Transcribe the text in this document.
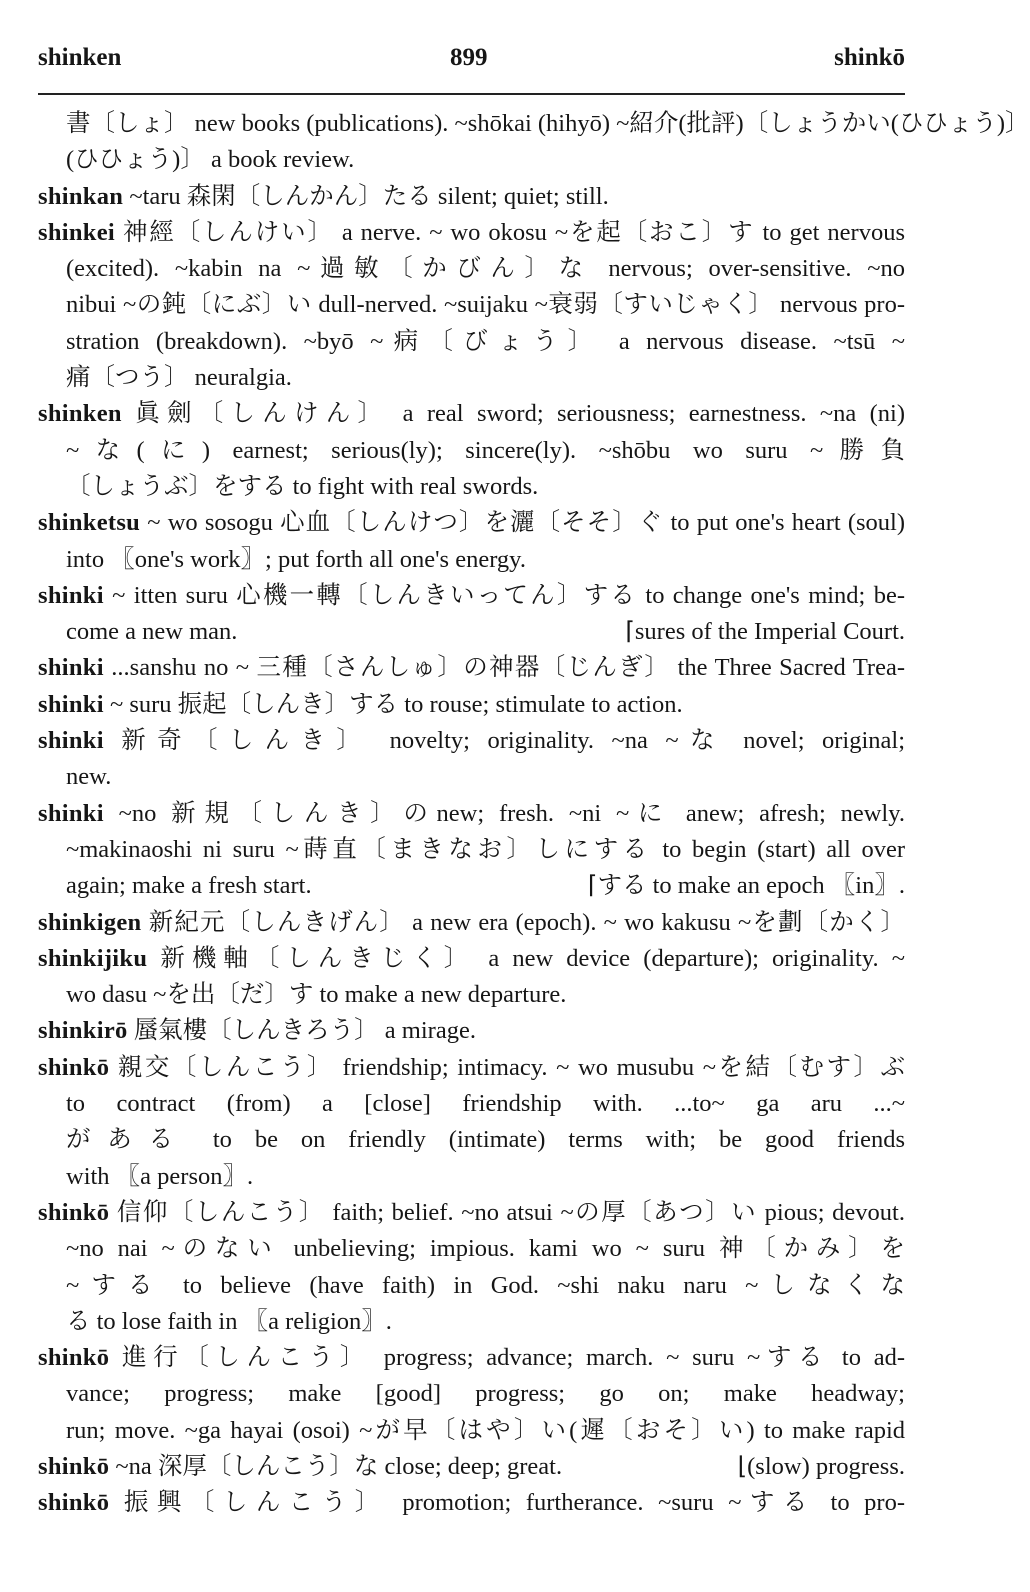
shinken	899	shinkō
書〔しょ〕 new books (publications). ~shōkai (hihyō) ~紹介(批評)〔しょうかい(ひひょう)〕
(ひひょう)〕 a book review.
shinkan ~taru 森閑〔しんかん〕たる silent; quiet; still.
shinkei 神經〔しんけい〕 a nerve. ~ wo okosu ~を起〔おこ〕す to get nervous
(excited). ~kabin na ~過敏〔かびん〕な nervous; over-sensitive. ~no
nibui ~の鈍〔にぶ〕い dull-nerved. ~suijaku ~衰弱〔すいじゃく〕 nervous pro-
stration (breakdown). ~byō ~病〔びょう〕 a nervous disease. ~tsū ~
痛〔つう〕 neuralgia.
shinken 眞劍〔しんけん〕 a real sword; seriousness; earnestness. ~na (ni)
~な(に) earnest; serious(ly); sincere(ly). ~shōbu wo suru ~勝負
〔しょうぶ〕をする to fight with real swords.
shinketsu ~ wo sosogu 心血〔しんけつ〕を灑〔そそ〕ぐ to put one's heart (soul)
into 〖one's work〗; put forth all one's energy.
shinki ~ itten suru 心機一轉〔しんきいってん〕する to change one's mind; be-
come a new man.	⌈sures of the Imperial Court.
shinki ...sanshu no ~ 三種〔さんしゅ〕の神器〔じんぎ〕 the Three Sacred Trea-
shinki ~ suru 振起〔しんき〕する to rouse; stimulate to action.
shinki 新奇〔しんき〕 novelty; originality. ~na ~な novel; original;
new.
shinki ~no 新規〔しんき〕のnew; fresh. ~ni ~に anew; afresh; newly.
~makinaoshi ni suru ~蒔直〔まきなお〕しにする to begin (start) all over
again; make a fresh start.	⌈する to make an epoch 〖in〗.
shinkigen 新紀元〔しんきげん〕 a new era (epoch). ~ wo kakusu ~を劃〔かく〕
shinkijiku 新機軸〔しんきじく〕 a new device (departure); originality. ~
wo dasu ~を出〔だ〕す to make a new departure.
shinkirō 蜃氣樓〔しんきろう〕 a mirage.
shinkō 親交〔しんこう〕 friendship; intimacy. ~ wo musubu ~を結〔むす〕ぶ
to contract (from) a [close] friendship with. ...to~ ga aru ...~
がある to be on friendly (intimate) terms with; be good friends
with 〖a person〗.
shinkō 信仰〔しんこう〕 faith; belief. ~no atsui ~の厚〔あつ〕い pious; devout.
~no nai ~のない unbelieving; impious. kami wo ~ suru 神〔かみ〕を
~する to believe (have faith) in God. ~shi naku naru ~しなくな
る to lose faith in 〖a religion〗.
shinkō 進行〔しんこう〕 progress; advance; march. ~ suru ~する to ad-
vance; progress; make [good] progress; go on; make headway;
run; move. ~ga hayai (osoi) ~が早〔はや〕い(遲〔おそ〕い) to make rapid
shinkō ~na 深厚〔しんこう〕な close; deep; great.	⌊(slow) progress.
shinkō 振興〔しんこう〕 promotion; furtherance. ~suru ~する to pro-
